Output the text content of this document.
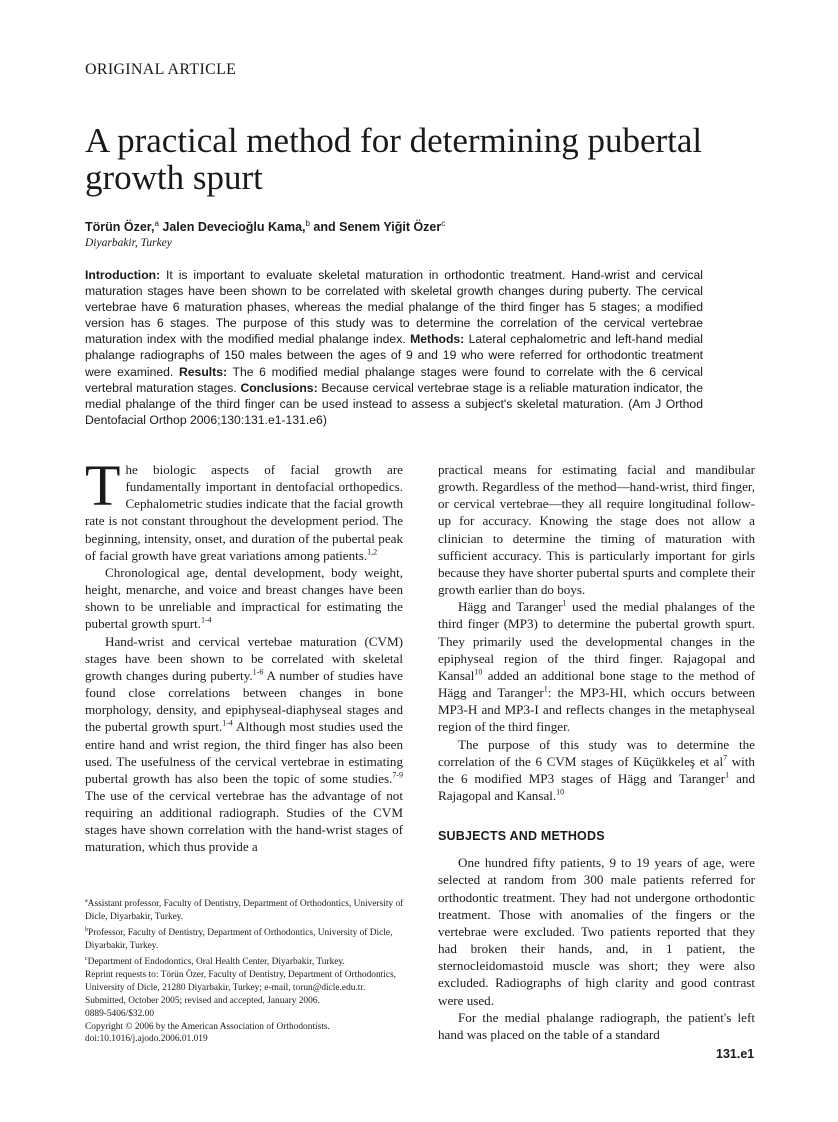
ORIGINAL ARTICLE
A practical method for determining pubertal growth spurt
Törün Özer,$^a$ Jalen Devecioğlu Kama,$^b$ and Senem Yiğit Özer$^c$
Diyarbakir, Turkey

Introduction: It is important to evaluate skeletal maturation in orthodontic treatment. Hand-wrist and cervical maturation stages have been shown to be correlated with skeletal growth changes during puberty. The cervical vertebrae have 6 maturation phases, whereas the medial phalange of the third finger has 5 stages; a modified version has 6 stages. The purpose of this study was to determine the correlation of the cervical vertebrae maturation index with the modified medial phalange index. Methods: Lateral cephalometric and left-hand medial phalange radiographs of 150 males between the ages of 9 and 19 who were referred for orthodontic treatment were examined. Results: The 6 modified medial phalange stages were found to correlate with the 6 cervical vertebral maturation stages. Conclusions: Because cervical vertebrae stage is a reliable maturation indicator, the medial phalange of the third finger can be used instead to assess a subject's skeletal maturation. (Am J Orthod Dentofacial Orthop 2006;130:131.e1-131.e6)

The biologic aspects of facial growth are fundamentally important in dentofacial orthopedics. Cephalometric studies indicate that the facial growth rate is not constant throughout the development period. The beginning, intensity, onset, and duration of the pubertal peak of facial growth have great variations among patients.$^{1,2}$

Chronological age, dental development, body weight, height, menarche, and voice and breast changes have been shown to be unreliable and impractical for estimating the pubertal growth spurt.$^{1-4}$

Hand-wrist and cervical vertebae maturation (CVM) stages have been shown to be correlated with skeletal growth changes during puberty.$^{1-6}$ A number of studies have found close correlations between changes in bone morphology, density, and epiphyseal-diaphyseal stages and the pubertal growth spurt.$^{1-4}$ Although most studies used the entire hand and wrist region, the third finger has also been used. The usefulness of the cervical vertebrae in estimating pubertal growth has also been the topic of some studies.$^{7-9}$ The use of the cervical vertebrae has the advantage of not requiring an additional radiograph. Studies of the CVM stages have shown correlation with the hand-wrist stages of maturation, which thus provide a

practical means for estimating facial and mandibular growth. Regardless of the method—hand-wrist, third finger, or cervical vertebrae—they all require longitudinal follow-up for accuracy. Knowing the stage does not allow a clinician to determine the timing of maturation with sufficient accuracy. This is particularly important for girls because they have shorter pubertal spurts and complete their growth earlier than do boys.

Hägg and Taranger$^1$ used the medial phalanges of the third finger (MP3) to determine the pubertal growth spurt. They primarily used the developmental changes in the epiphyseal region of the third finger. Rajagopal and Kansal$^{10}$ added an additional bone stage to the method of Hägg and Taranger$^1$: the MP3-HI, which occurs between MP3-H and MP3-I and reflects changes in the metaphyseal region of the third finger.

The purpose of this study was to determine the correlation of the 6 CVM stages of Küçükkeleş et al$^7$ with the 6 modified MP3 stages of Hägg and Taranger$^1$ and Rajagopal and Kansal.$^{10}$

SUBJECTS AND METHODS

One hundred fifty patients, 9 to 19 years of age, were selected at random from 300 male patients referred for orthodontic treatment. They had not undergone orthodontic treatment. Those with anomalies of the fingers or the vertebrae were excluded. Two patients reported that they had broken their hands, and, in 1 patient, the sternocleidomastoid muscle was short; they were also excluded. Radiographs of high clarity and good contrast were used.

For the medial phalange radiograph, the patient's left hand was placed on the table of a standard

$^a$Assistant professor, Faculty of Dentistry, Department of Orthodontics, University of Dicle, Diyarbakir, Turkey.
$^b$Professor, Faculty of Dentistry, Department of Orthodontics, University of Dicle, Diyarbakir, Turkey.
$^c$Department of Endodontics, Oral Health Center, Diyarbakir, Turkey.
Reprint requests to: Törün Özer, Faculty of Dentistry, Department of Orthodontics, University of Dicle, 21280 Diyarbakir, Turkey; e-mail, torun@dicle.edu.tr.
Submitted, October 2005; revised and accepted, January 2006.
0889-5406/$32.00
Copyright © 2006 by the American Association of Orthodontists.
doi:10.1016/j.ajodo.2006.01.019
131.e1
